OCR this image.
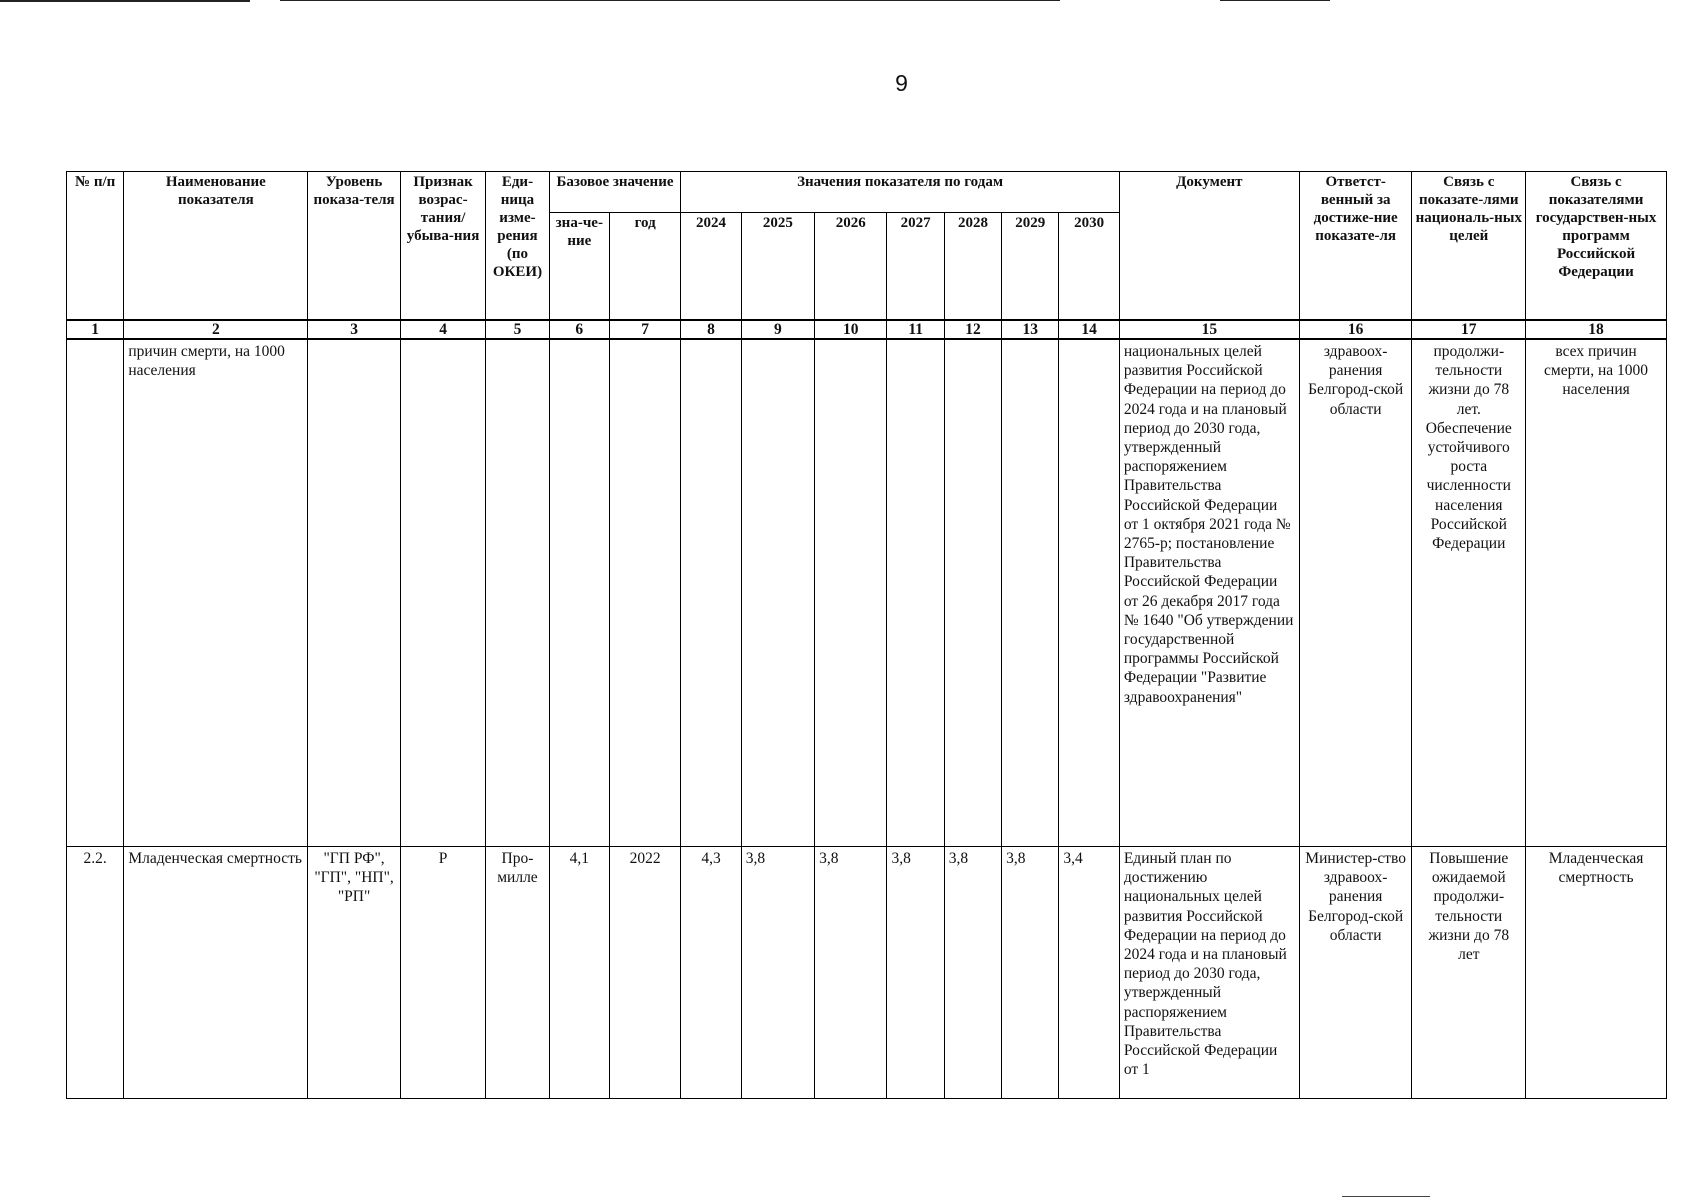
9
№ п/п	Наименование показателя	Уровень показа-теля	Признак возрас-тания/ убыва-ния	Еди-ница изме-рения (по ОКЕИ)	Базовое значение		Значения показателя по годам							Документ	Ответст-венный за достиже-ние показате-ля	Связь с показате-лями националь-ных целей	Связь с показателями государствен-ных программ Российской Федерации
					зна-че-ние	год	2024	2025	2026	2027	2028	2029	2030				
1	2	3	4	5	6	7	8	9	10	11	12	13	14	15	16	17	18
	причин смерти, на 1000 населения													национальных целей развития Российской Федерации на период до 2024 года и на плановый период до 2030 года, утвержденный распоряжением Правительства Российской Федерации от 1 октября 2021 года № 2765-р; постановление Правительства Российской Федерации от 26 декабря 2017 года № 1640 "Об утверждении государственной программы Российской Федерации "Развитие здравоохранения"	здравоох-ранения Белгород-ской области	продолжи-тельности жизни до 78 лет. Обеспечение устойчивого роста численности населения Российской Федерации	всех причин смерти, на 1000 населения
2.2.	Младенческая смертность	"ГП РФ", "ГП", "НП", "РП"	Р	Про-милле	4,1	2022	4,3	3,8	3,8	3,8	3,8	3,8	3,4	Единый план по достижению национальных целей развития Российской Федерации на период до 2024 года и на плановый период до 2030 года, утвержденный распоряжением Правительства Российской Федерации от 1	Министер-ство здравоох-ранения Белгород-ской области	Повышение ожидаемой продолжи-тельности жизни до 78 лет	Младенческая смертность
